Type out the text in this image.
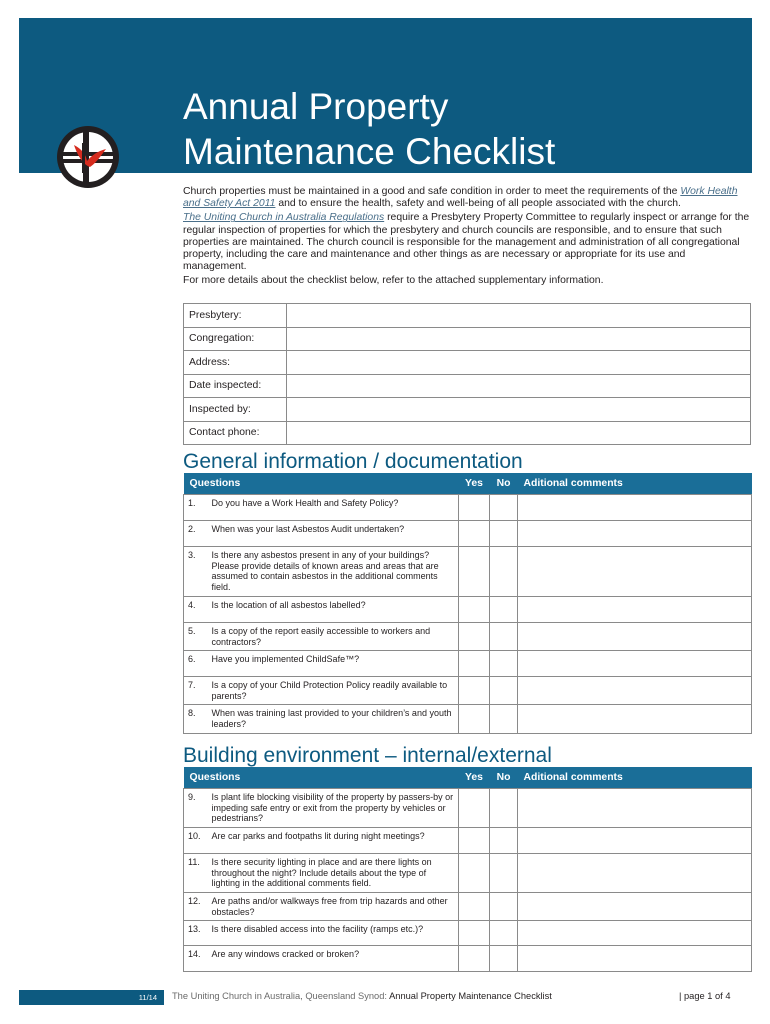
Annual Property
Maintenance Checklist

Church properties must be maintained in a good and safe condition in order to meet the requirements of the Work Health and Safety Act 2011 and to ensure the health, safety and well-being of all people associated with the church.

The Uniting Church in Australia Regulations require a Presbytery Property Committee to regularly inspect or arrange for the regular inspection of properties for which the presbytery and church councils are responsible, and to ensure that such properties are maintained. The church council is responsible for the management and administration of all congregational property, including the care and maintenance and other things as are necessary or appropriate for its use and management.

For more details about the checklist below, refer to the attached supplementary information.

Presbytery:	
Congregation:	
Address:	
Date inspected:	
Inspected by:	
Contact phone:	
General information / documentation
Questions		Yes	No	Aditional comments
1.	Do you have a Work Health and Safety Policy?			
2.	When was your last Asbestos Audit undertaken?			
3.	Is there any asbestos present in any of your buildings? Please provide details of known areas and areas that are assumed to contain asbestos in the additional comments field.			
4.	Is the location of all asbestos labelled?			
5.	Is a copy of the report easily accessible to workers and contractors?			
6.	Have you implemented ChildSafe™?			
7.	Is a copy of your Child Protection Policy readily available to parents?			
8.	When was training last provided to your children’s and youth leaders?			
Building environment – internal/external
Questions		Yes	No	Aditional comments
9.	Is plant life blocking visibility of the property by passers-by or impeding safe entry or exit from the property by vehicles or pedestrians?			
10.	Are car parks and footpaths lit during night meetings?			
11.	Is there security lighting in place and are there lights on throughout the night? Include details about the type of lighting in the additional comments field.			
12.	Are paths and/or walkways free from trip hazards and other obstacles?			
13.	Is there disabled access into the facility (ramps etc.)?			
14.	Are any windows cracked or broken?			
11/14 The Uniting Church in Australia, Queensland Synod: Annual Property Maintenance Checklist	| page 1 of 4
